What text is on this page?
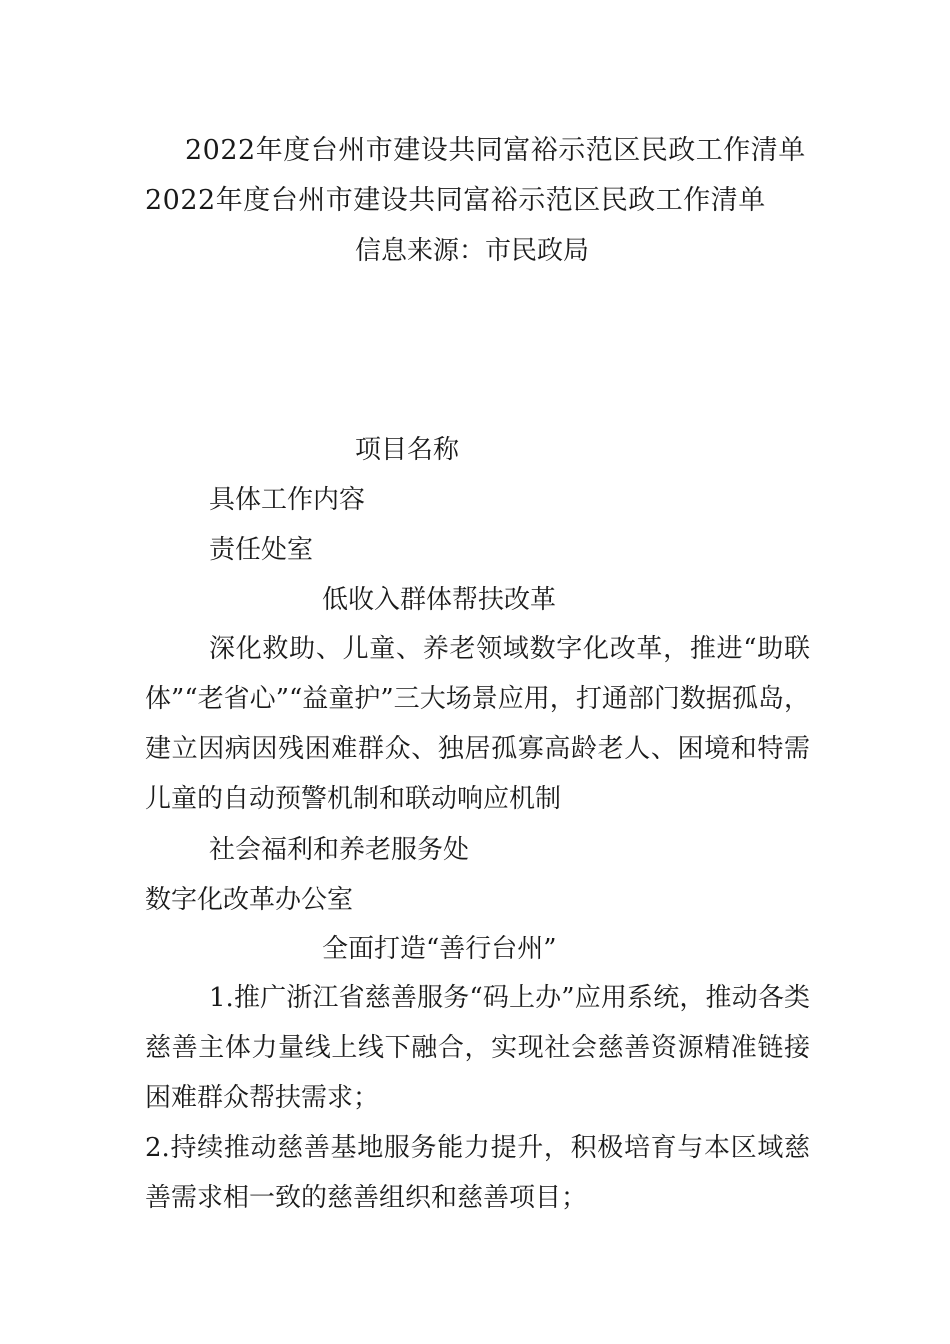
2022年度台州市建设共同富裕示范区民政工作清单

2022年度台州市建设共同富裕示范区民政工作清单

信息来源：市民政局

项目名称

具体工作内容

责任处室

低收入群体帮扶改革

深化救助、儿童、养老领域数字化改革，推进“助联体”“老省心”“益童护”三大场景应用，打通部门数据孤岛，建立因病因残困难群众、独居孤寡高龄老人、困境和特需儿童的自动预警机制和联动响应机制

社会福利和养老服务处

数字化改革办公室

全面打造“善行台州”

1.推广浙江省慈善服务“码上办”应用系统，推动各类慈善主体力量线上线下融合，实现社会慈善资源精准链接困难群众帮扶需求；

2.持续推动慈善基地服务能力提升，积极培育与本区域慈善需求相一致的慈善组织和慈善项目；
